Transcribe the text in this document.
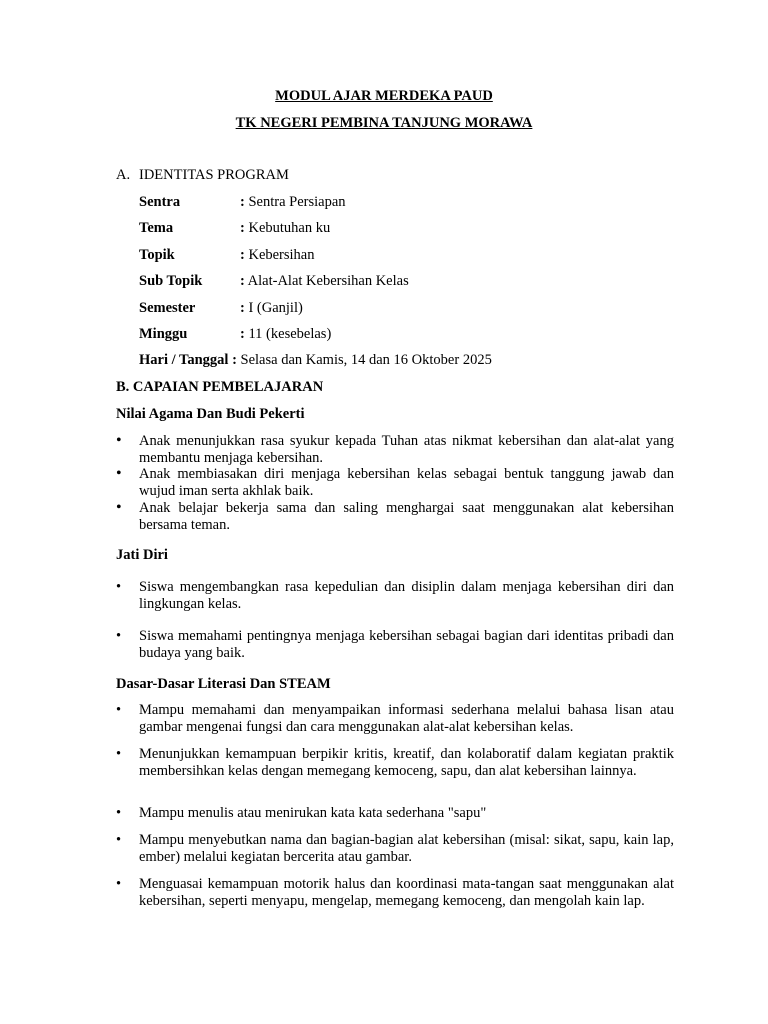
MODUL AJAR MERDEKA PAUD
TK NEGERI PEMBINA TANJUNG MORAWA
A. IDENTITAS PROGRAM
Sentra	: Sentra Persiapan
Tema	: Kebutuhan ku
Topik	: Kebersihan
Sub Topik	: Alat-Alat Kebersihan Kelas
Semester	: I (Ganjil)
Minggu	: 11 (kesebelas)
Hari / Tanggal : Selasa dan Kamis, 14 dan 16 Oktober 2025
B. CAPAIAN PEMBELAJARAN
Nilai Agama Dan Budi Pekerti
• Anak menunjukkan rasa syukur kepada Tuhan atas nikmat kebersihan dan alat-alat yang membantu menjaga kebersihan.
• Anak membiasakan diri menjaga kebersihan kelas sebagai bentuk tanggung jawab dan wujud iman serta akhlak baik.
• Anak belajar bekerja sama dan saling menghargai saat menggunakan alat kebersihan bersama teman.
Jati Diri
• Siswa mengembangkan rasa kepedulian dan disiplin dalam menjaga kebersihan diri dan lingkungan kelas.
• Siswa memahami pentingnya menjaga kebersihan sebagai bagian dari identitas pribadi dan budaya yang baik.
Dasar-Dasar Literasi Dan STEAM
• Mampu memahami dan menyampaikan informasi sederhana melalui bahasa lisan atau gambar mengenai fungsi dan cara menggunakan alat-alat kebersihan kelas.
• Menunjukkan kemampuan berpikir kritis, kreatif, dan kolaboratif dalam kegiatan praktik membersihkan kelas dengan memegang kemoceng, sapu, dan alat kebersihan lainnya.
• Mampu menulis atau menirukan kata kata sederhana "sapu"
• Mampu menyebutkan nama dan bagian-bagian alat kebersihan (misal: sikat, sapu, kain lap, ember) melalui kegiatan bercerita atau gambar.
• Menguasai kemampuan motorik halus dan koordinasi mata-tangan saat menggunakan alat kebersihan, seperti menyapu, mengelap, memegang kemoceng, dan mengolah kain lap.
